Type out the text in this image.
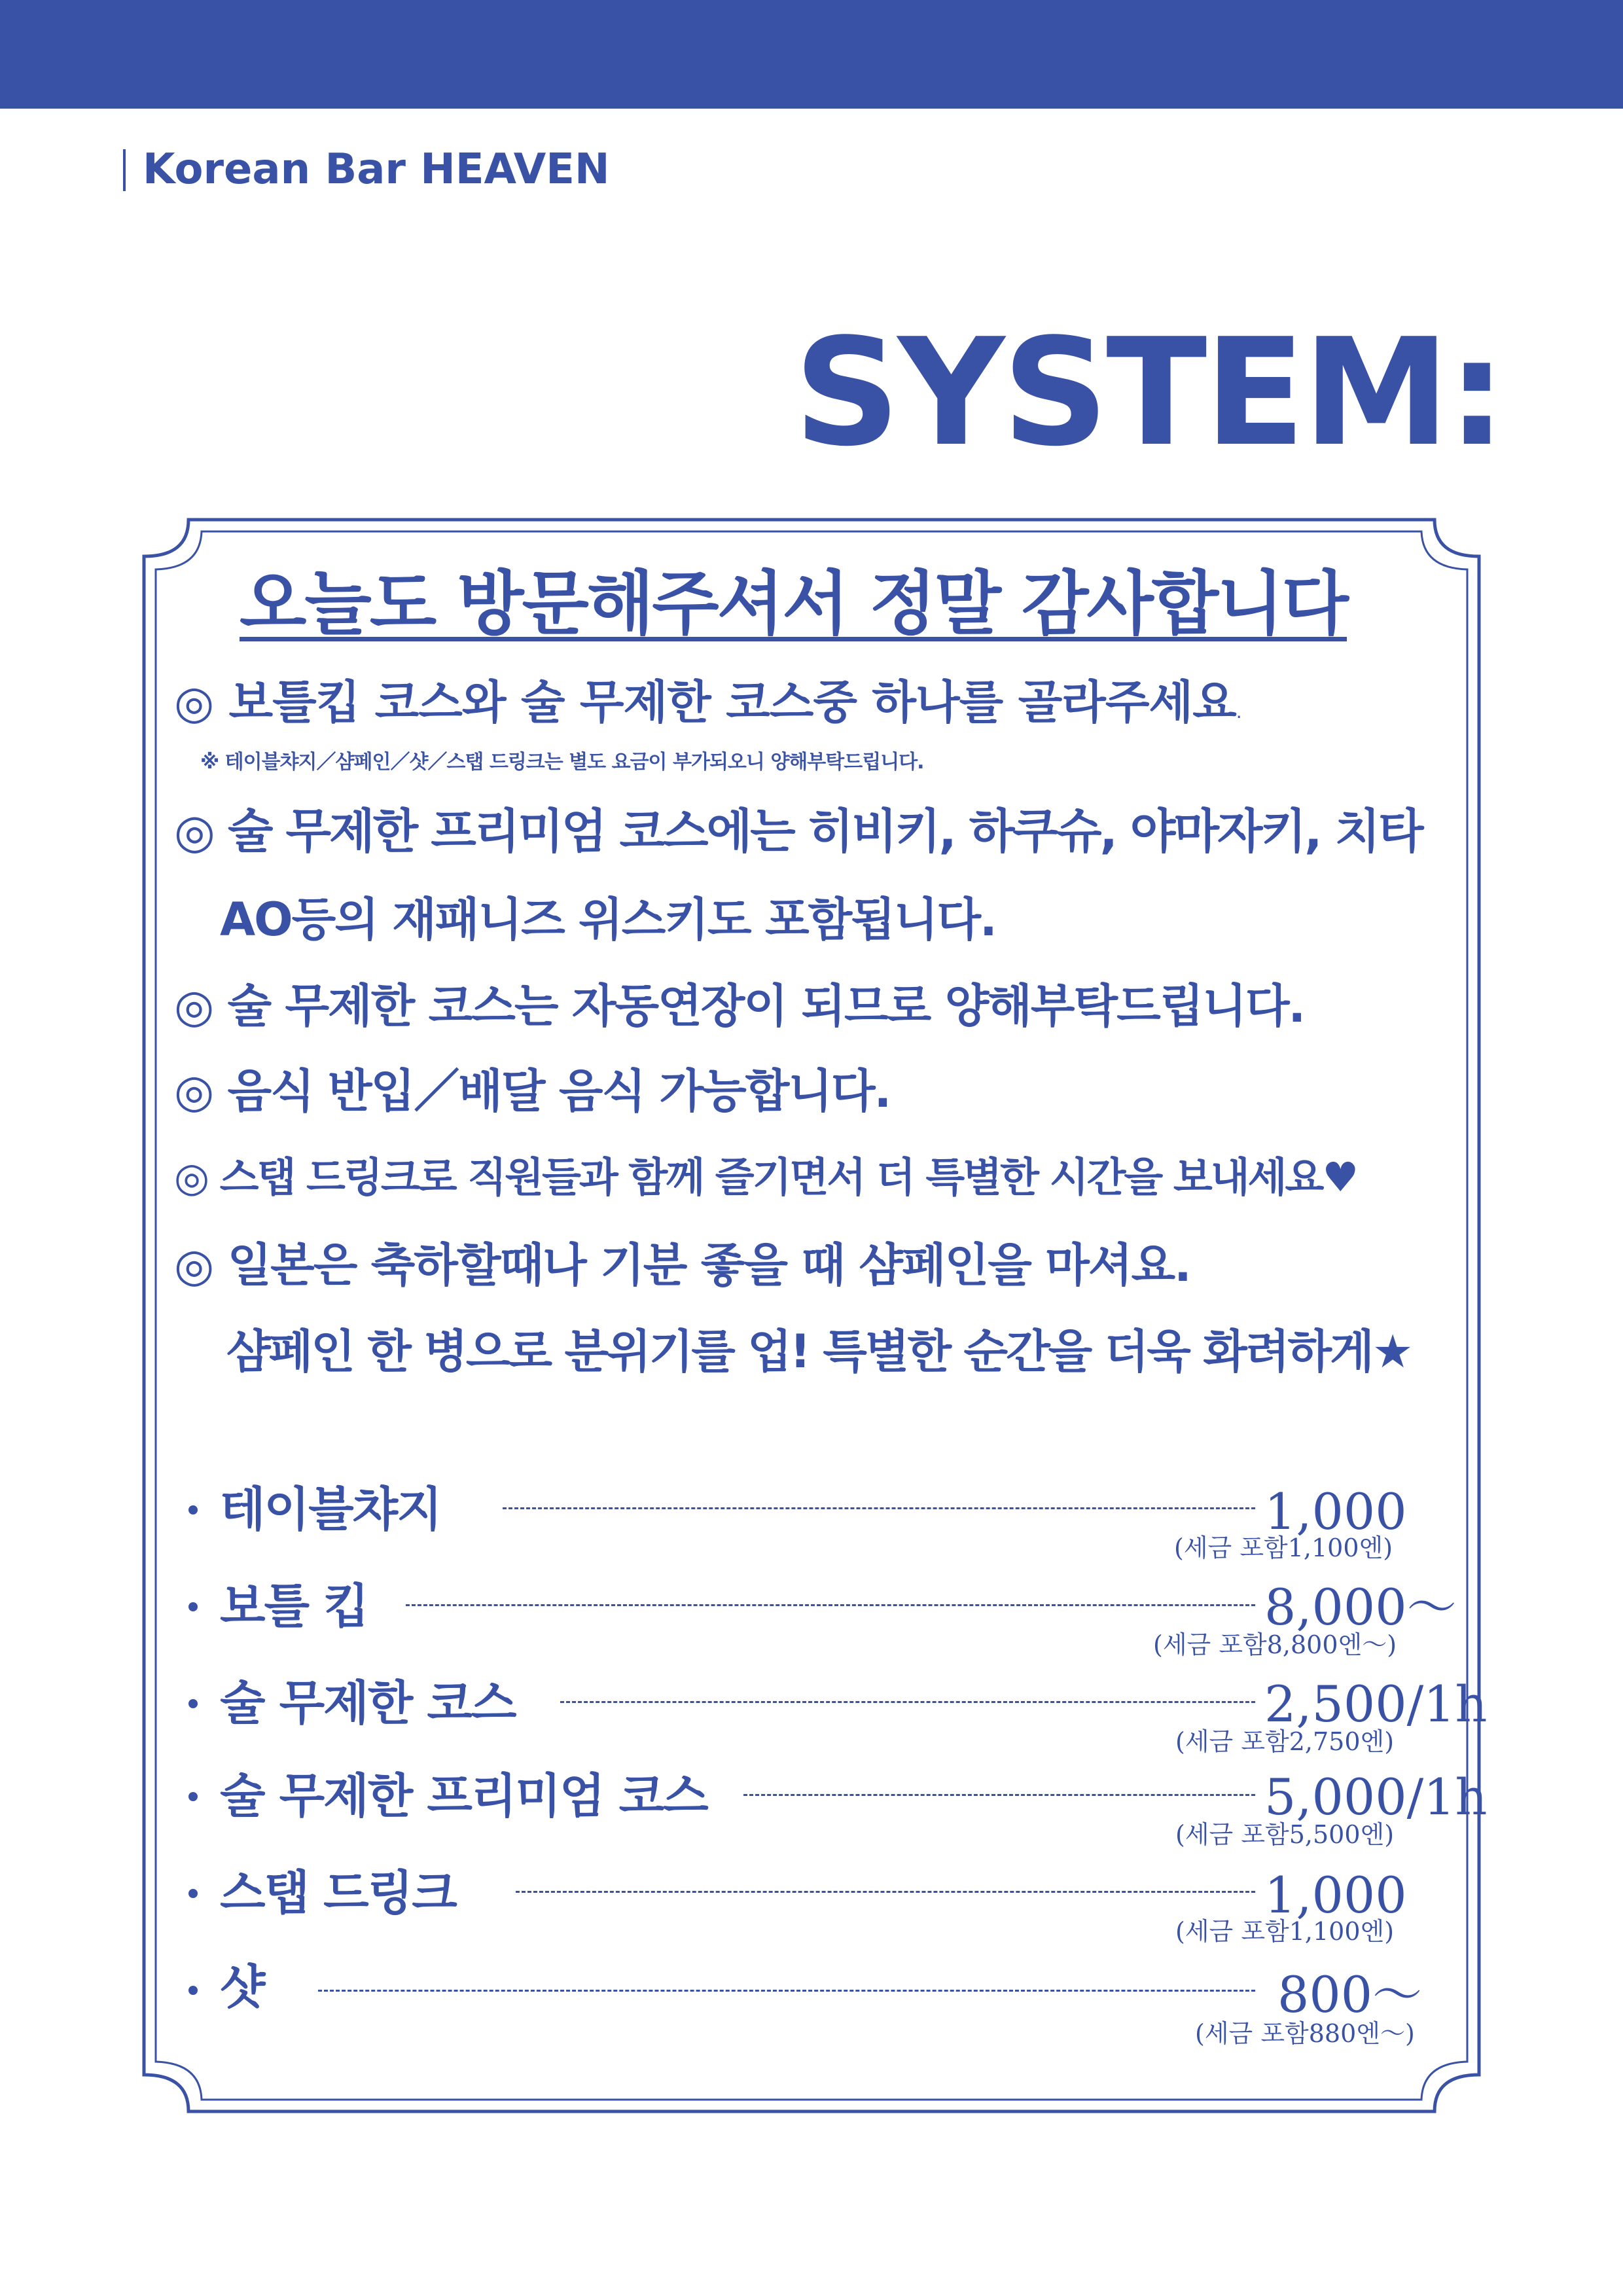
Korean Bar HEAVEN
SYSTEM:
오늘도 방문해주셔서 정말 감사합니다
◎ 보틀킵 코스와 술 무제한 코스중 하나를 골라주세요.
※ 테이블챠지／샴페인／샷／스탭 드링크는 별도 요금이 부가되오니 양해부탁드립니다.
◎ 술 무제한 프리미엄 코스에는 히비키, 하쿠슈, 야마자키, 치타
AO등의 재패니즈 위스키도 포함됩니다.
◎ 술 무제한 코스는 자동연장이 되므로 양해부탁드립니다.
◎ 음식 반입／배달 음식 가능합니다.
◎ 스탭 드링크로 직원들과 함께 즐기면서 더 특별한 시간을 보내세요♥
◎ 일본은 축하할때나 기분 좋을 때 샴페인을 마셔요.
샴페인 한 병으로 분위기를 업! 특별한 순간을 더욱 화려하게★
테이블챠지	1,000
(세금 포함1,100엔)
보틀 킵	8,000～
(세금 포함8,800엔～)
술 무제한 코스	2,500/1h
(세금 포함2,750엔)
술 무제한 프리미엄 코스	5,000/1h
(세금 포함5,500엔)
스탭 드링크	1,000
(세금 포함1,100엔)
샷	800～
(세금 포함880엔～)
